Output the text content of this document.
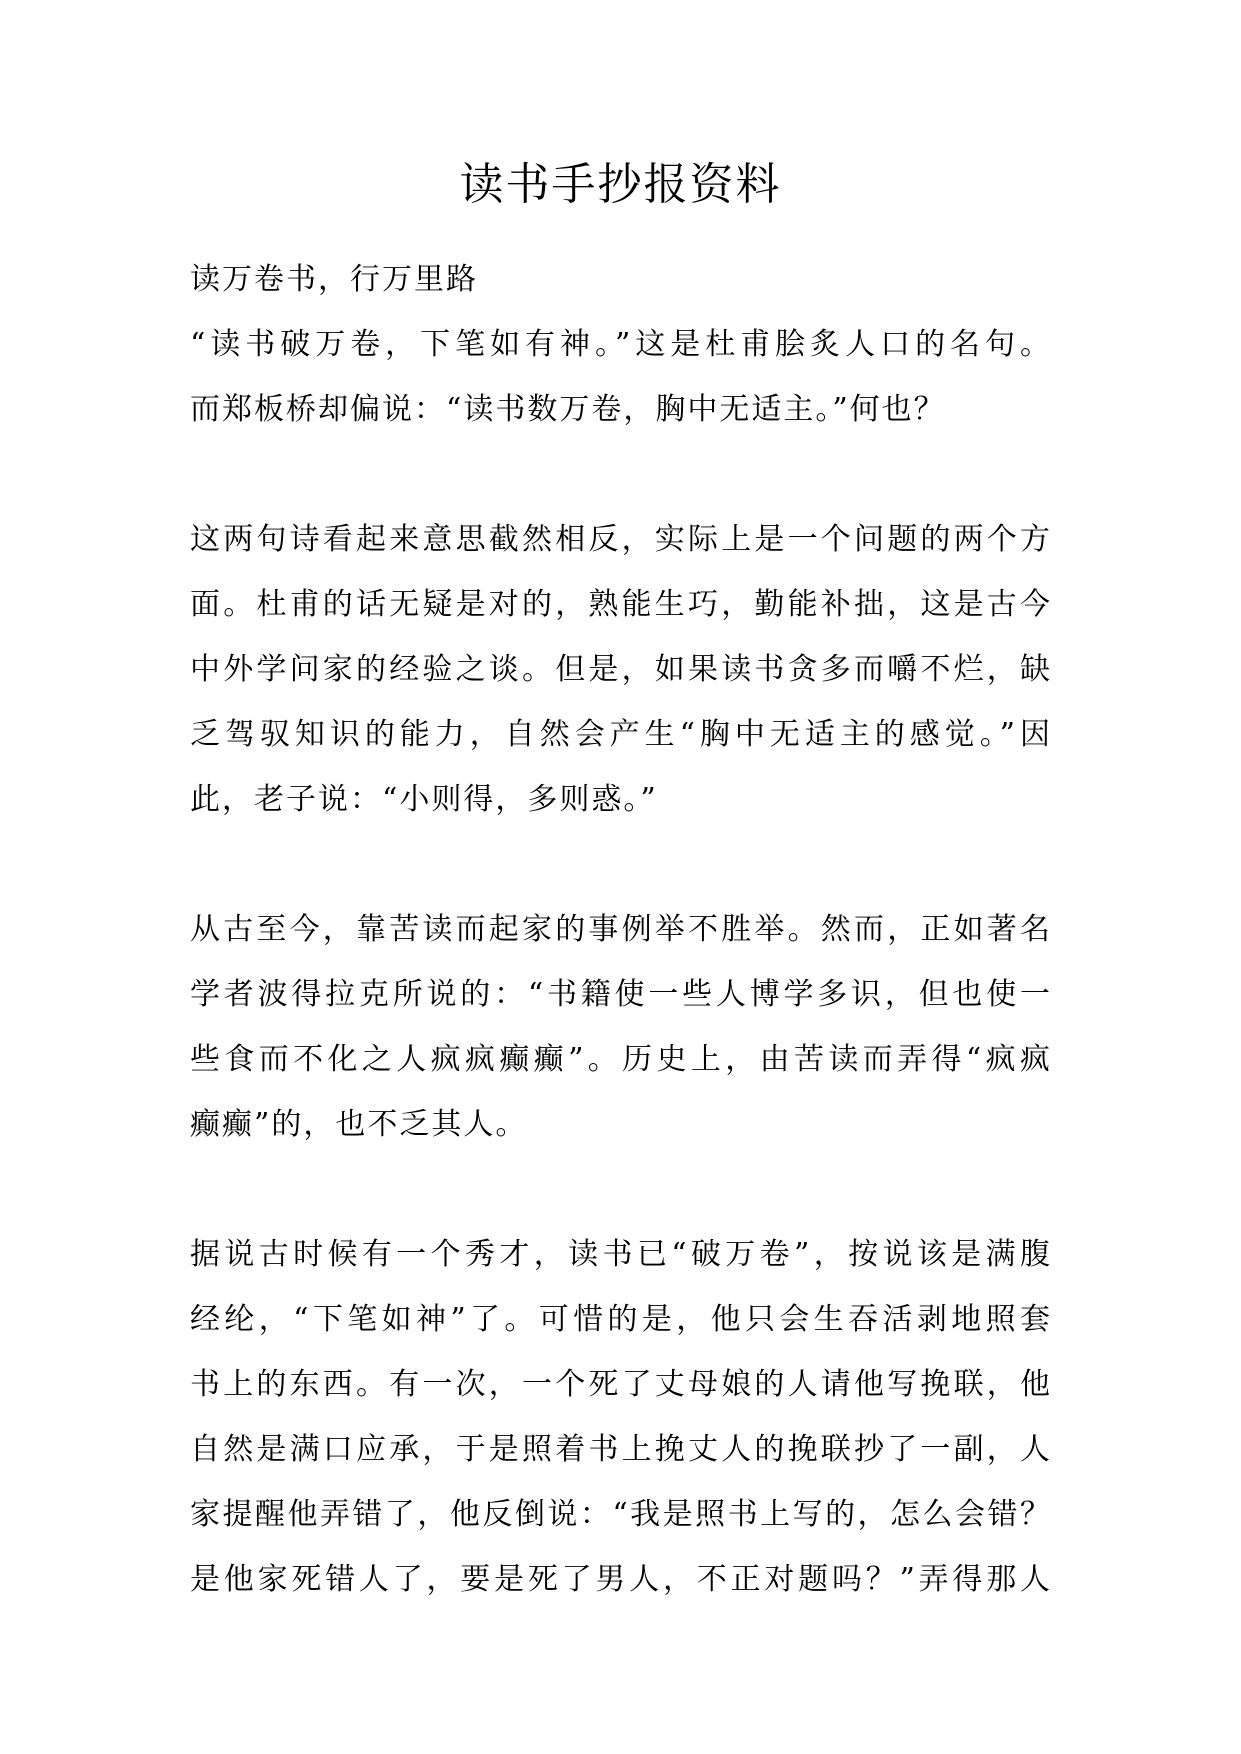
读书手抄报资料
读万卷书，行万里路
“读书破万卷，下笔如有神。”这是杜甫脍炙人口的名句。
而郑板桥却偏说：“读书数万卷，胸中无适主。”何也？
这两句诗看起来意思截然相反，实际上是一个问题的两个方
面。杜甫的话无疑是对的，熟能生巧，勤能补拙，这是古今
中外学问家的经验之谈。但是，如果读书贪多而嚼不烂，缺
乏驾驭知识的能力，自然会产生“胸中无适主的感觉。”因
此，老子说：“小则得，多则惑。”
从古至今，靠苦读而起家的事例举不胜举。然而，正如著名
学者波得拉克所说的：“书籍使一些人博学多识，但也使一
些食而不化之人疯疯癫癫”。历史上，由苦读而弄得“疯疯
癫癫”的，也不乏其人。
据说古时候有一个秀才，读书已“破万卷”，按说该是满腹
经纶，“下笔如神”了。可惜的是，他只会生吞活剥地照套
书上的东西。有一次，一个死了丈母娘的人请他写挽联，他
自然是满口应承，于是照着书上挽丈人的挽联抄了一副，人
家提醒他弄错了，他反倒说：“我是照书上写的，怎么会错？
是他家死错人了，要是死了男人，不正对题吗？”弄得那人
